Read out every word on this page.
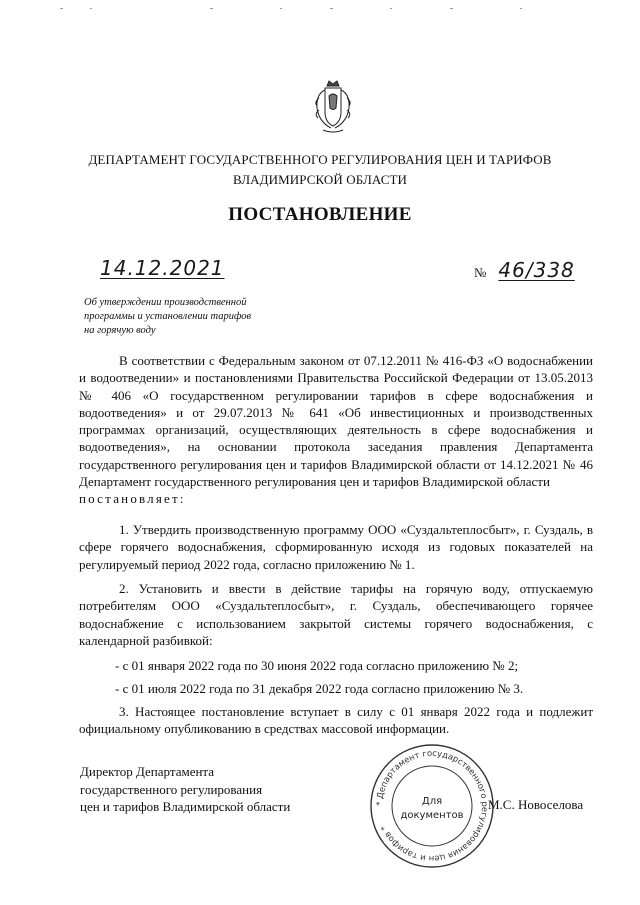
ДЕПАРТАМЕНТ ГОСУДАРСТВЕННОГО РЕГУЛИРОВАНИЯ ЦЕН И ТАРИФОВ
ВЛАДИМИРСКОЙ ОБЛАСТИ
ПОСТАНОВЛЕНИЕ
14.12.2021	№ 46/338
Об утверждении производственной
программы и установлении тарифов
на горячую воду

В соответствии с Федеральным законом от 07.12.2011 № 416-ФЗ «О водоснабжении и водоотведении» и постановлениями Правительства Российской Федерации от 13.05.2013 № 406 «О государственном регулировании тарифов в сфере водоснабжения и водоотведения» и от 29.07.2013 № 641 «Об инвестиционных и производственных программах организаций, осуществляющих деятельность в сфере водоснабжения и водоотведения», на основании протокола заседания правления Департамента государственного регулирования цен и тарифов Владимирской области от 14.12.2021 № 46 Департамент государственного регулирования цен и тарифов Владимирской области
постановляет:

1. Утвердить производственную программу ООО «Суздальтеплосбыт», г. Суздаль, в сфере горячего водоснабжения, сформированную исходя из годовых показателей на регулируемый период 2022 года, согласно приложению № 1.

2. Установить и ввести в действие тарифы на горячую воду, отпускаемую потребителям ООО «Суздальтеплосбыт», г. Суздаль, обеспечивающего горячее водоснабжение с использованием закрытой системы горячего водоснабжения, с календарной разбивкой:

- с 01 января 2022 года по 30 июня 2022 года согласно приложению № 2;

- с 01 июля 2022 года по 31 декабря 2022 года согласно приложению № 3.

3. Настоящее постановление вступает в силу с 01 января 2022 года и подлежит официальному опубликованию в средствах массовой информации.

Директор Департамента
государственного регулирования
цен и тарифов Владимирской области	* Департамент государственного регулирования цен и тарифов *
Для
документов
М.С. Новоселова
